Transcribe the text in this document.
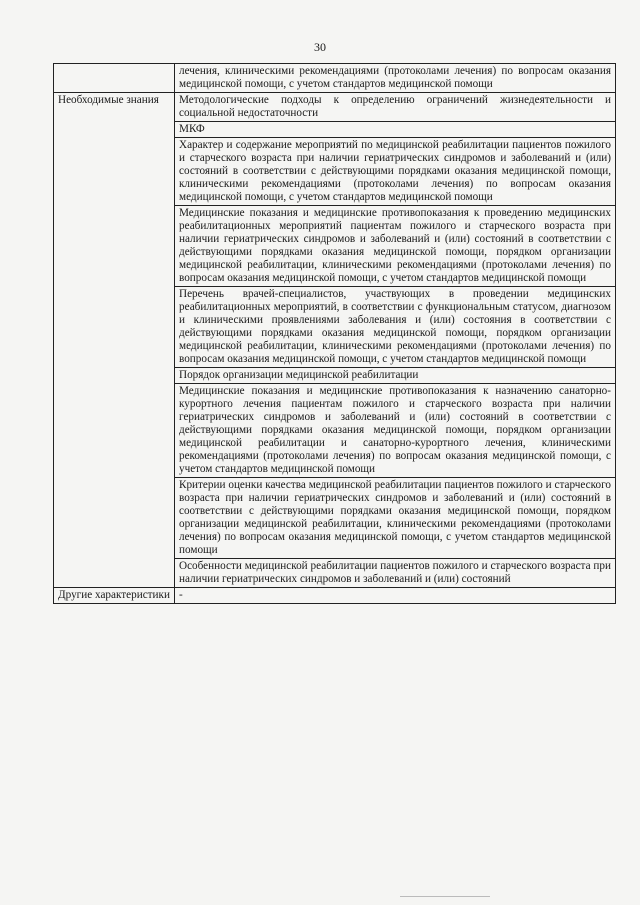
30
	лечения, клиническими рекомендациями (протоколами лечения) по вопросам оказания медицинской помощи, с учетом стандартов медицинской помощи
Необходимые знания	Методологические подходы к определению ограничений жизнедеятельности и социальной недостаточности
	МКФ
	Характер и содержание мероприятий по медицинской реабилитации пациентов пожилого и старческого возраста при наличии гериатрических синдромов и заболеваний и (или) состояний в соответствии с действующими порядками оказания медицинской помощи, клиническими рекомендациями (протоколами лечения) по вопросам оказания медицинской помощи, с учетом стандартов медицинской помощи
	Медицинские показания и медицинские противопоказания к проведению медицинских реабилитационных мероприятий пациентам пожилого и старческого возраста при наличии гериатрических синдромов и заболеваний и (или) состояний в соответствии с действующими порядками оказания медицинской помощи, порядком организации медицинской реабилитации, клиническими рекомендациями (протоколами лечения) по вопросам оказания медицинской помощи, с учетом стандартов медицинской помощи
	Перечень врачей-специалистов, участвующих в проведении медицинских реабилитационных мероприятий, в соответствии с функциональным статусом, диагнозом и клиническими проявлениями заболевания и (или) состояния в соответствии с действующими порядками оказания медицинской помощи, порядком организации медицинской реабилитации, клиническими рекомендациями (протоколами лечения) по вопросам оказания медицинской помощи, с учетом стандартов медицинской помощи
	Порядок организации медицинской реабилитации
	Медицинские показания и медицинские противопоказания к назначению санаторно-курортного лечения пациентам пожилого и старческого возраста при наличии гериатрических синдромов и заболеваний и (или) состояний в соответствии с действующими порядками оказания медицинской помощи, порядком организации медицинской реабилитации и санаторно-курортного лечения, клиническими рекомендациями (протоколами лечения) по вопросам оказания медицинской помощи, с учетом стандартов медицинской помощи
	Критерии оценки качества медицинской реабилитации пациентов пожилого и старческого возраста при наличии гериатрических синдромов и заболеваний и (или) состояний в соответствии с действующими порядками оказания медицинской помощи, порядком организации медицинской реабилитации, клиническими рекомендациями (протоколами лечения) по вопросам оказания медицинской помощи, с учетом стандартов медицинской помощи
	Особенности медицинской реабилитации пациентов пожилого и старческого возраста при наличии гериатрических синдромов и заболеваний и (или) состояний
Другие характеристики	-
